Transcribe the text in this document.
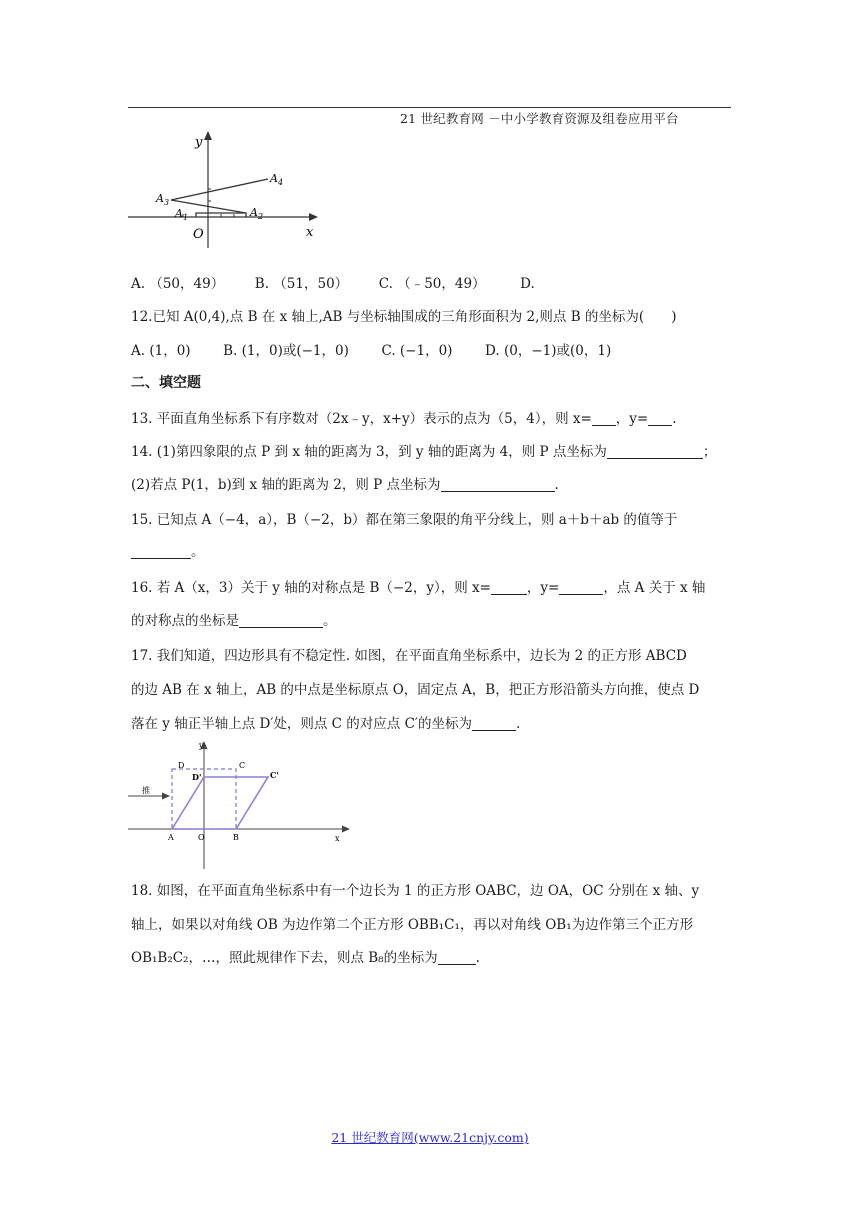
21 世纪教育网 －中小学教育资源及组卷应用平台
y
x
O
$A_1$	$A_2$
$A_3$
$A_4$
A. （50，49） B. （51，50） C. （﹣50，49）	D.
12.已知 A(0,4),点 B 在 x 轴上,AB 与坐标轴围成的三角形面积为 2,则点 B 的坐标为(　　)
A. (1，0) B. (1，0)或(−1，0) C. (−1，0) D. (0，−1)或(0，1)
二、填空题
13. 平面直角坐标系下有序数对（2x﹣y，x+y）表示的点为（5，4），则 x= ，y= .
14. (1)第四象限的点 P 到 x 轴的距离为 3，到 y 轴的距离为 4，则 P 点坐标为	；
(2)若点 P(1，b)到 x 轴的距离为 2，则 P 点坐标为	.
15. 已知点 A（−4，a），B（−2，b）都在第三象限的角平分线上，则 a＋b＋ab 的值等于
。
16. 若 A（x，3）关于 y 轴的对称点是 B（−2，y），则 x=	，y=	，点 A 关于 x 轴
的对称点的坐标是	。
17. 我们知道，四边形具有不稳定性. 如图，在平面直角坐标系中，边长为 2 的正方形 ABCD
的边 AB 在 x 轴上，AB 的中点是坐标原点 O，固定点 A，B，把正方形沿箭头方向推，使点 D
落在 y 轴正半轴上点 D′处，则点 C 的对应点 C′的坐标为	.
y
x
D	C
D'	C'
推
A	O	B
18. 如图，在平面直角坐标系中有一个边长为 1 的正方形 OABC，边 OA，OC 分别在 x 轴、y
轴上，如果以对角线 OB 为边作第二个正方形 OBB₁C₁，再以对角线 OB₁为边作第三个正方形
OB₁B₂C₂，…，照此规律作下去，则点 B₈的坐标为	.
21 世纪教育网(www.21cnjy.com)
